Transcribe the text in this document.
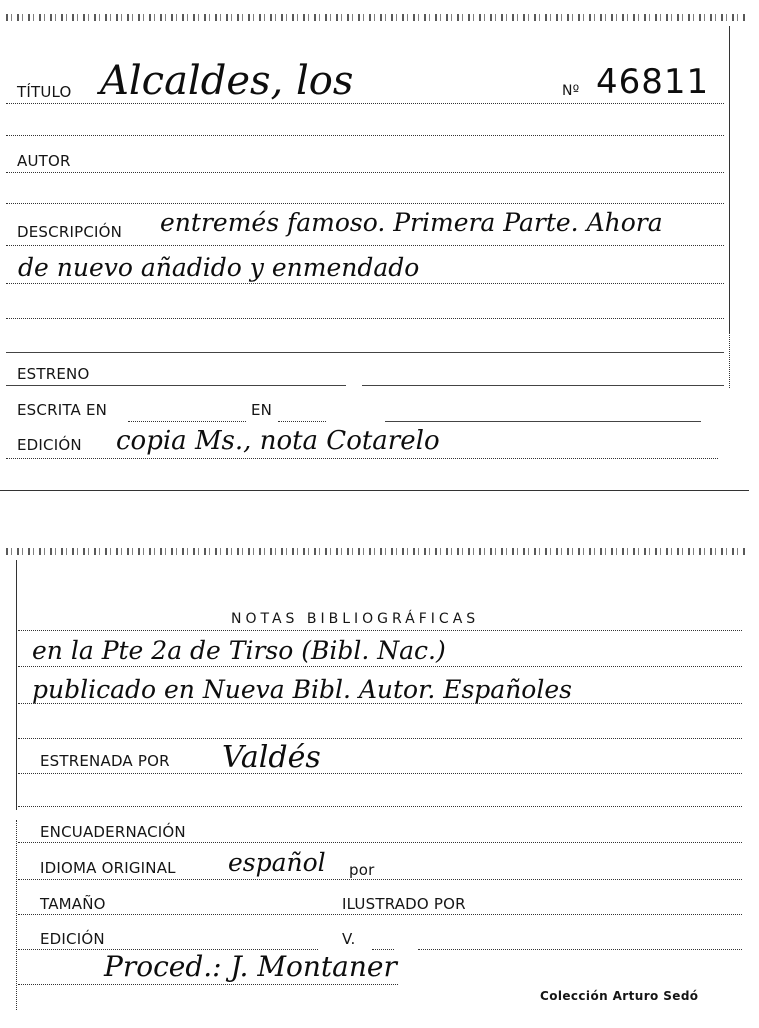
TÍTULO Alcaldes, los	Nº 46811
AUTOR
DESCRIPCIÓN entremés famoso. Primera Parte. Ahora
de nuevo añadido y enmendado
ESTRENO
ESCRITA EN	EN
EDICIÓN copia Ms., nota Cotarelo
NOTAS BIBLIOGRÁFICAS
en la Pte 2a de Tirso (Bibl. Nac.)
publicado en Nueva Bibl. Autor. Españoles
ESTRENADA POR Valdés
ENCUADERNACIÓN
IDIOMA ORIGINAL español por
TAMAÑO	ILUSTRADO POR
EDICIÓN	V.
Proced.: J. Montaner
Colección Arturo Sedó
